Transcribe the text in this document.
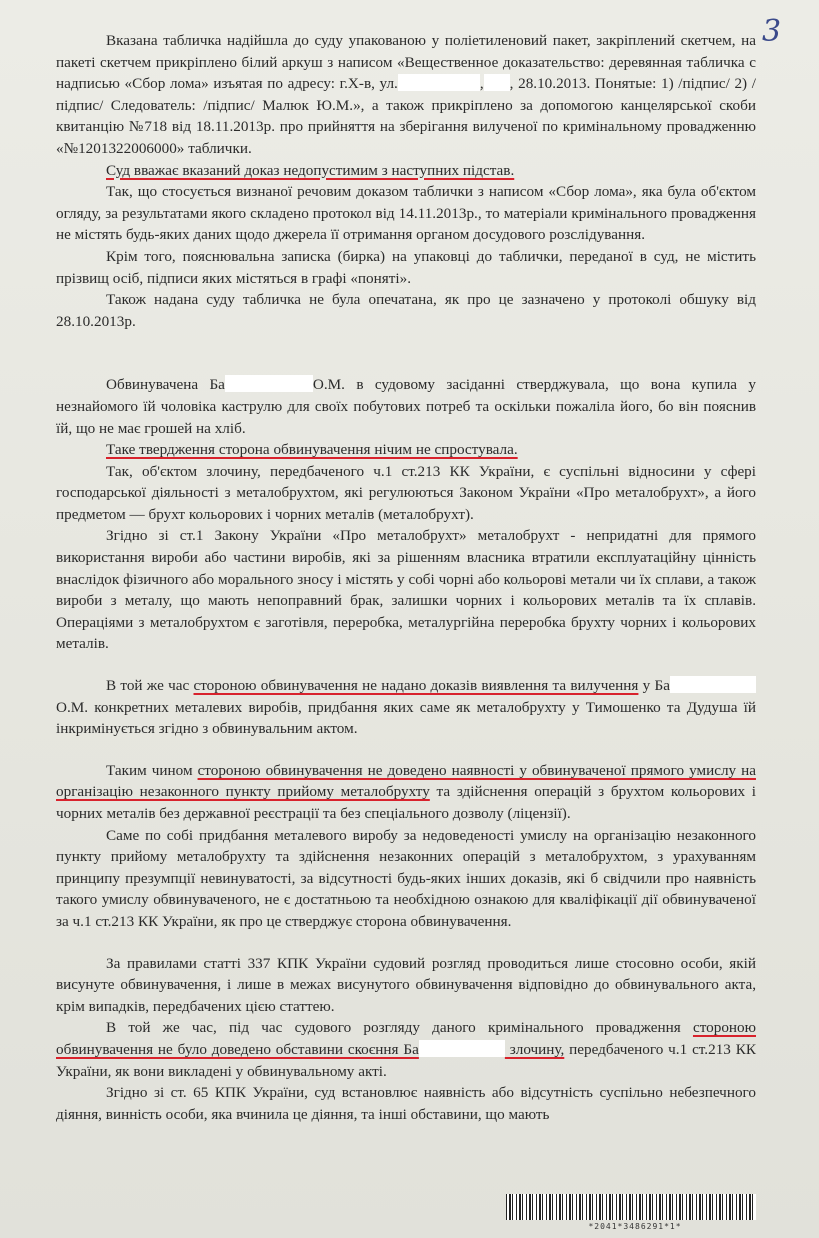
3

Вказана табличка надійшла до суду упакованою у поліетиленовий пакет, закріплений скетчем, на пакеті скетчем прикріплено білий аркуш з написом «Вещественное доказательство: деревянная табличка с надписью «Сбор лома» изъятая по адресу: г.Х-в, ул.	, , 28.10.2013. Понятые: 1) /підпис/ 2) /підпис/ Следователь: /підпис/ Малюк Ю.М.», а також прикріплено за допомогою канцелярської скоби квитанцію №718 від 18.11.2013р. про прийняття на зберігання вилученої по кримінальному провадженню «№1201322006000» таблички.

Суд вважає вказаний доказ недопустимим з наступних підстав.

Так, що стосується визнаної речовим доказом таблички з написом «Сбор лома», яка була об'єктом огляду, за результатами якого складено протокол від 14.11.2013р., то матеріали кримінального провадження не містять будь-яких даних щодо джерела її отримання органом досудового розслідування.

Крім того, пояснювальна записка (бирка) на упаковці до таблички, переданої в суд, не містить прізвищ осіб, підписи яких містяться в графі «поняті».

Також надана суду табличка не була опечатана, як про це зазначено у протоколі обшуку від 28.10.2013р.

Обвинувачена Ба	О.М. в судовому засіданні стверджувала, що вона купила у незнайомого їй чоловіка каструлю для своїх побутових потреб та оскільки пожаліла його, бо він пояснив їй, що не має грошей на хліб.

Таке твердження сторона обвинувачення нічим не спростувала.

Так, об'єктом злочину, передбаченого ч.1 ст.213 КК України, є суспільні відносини у сфері господарської діяльності з металобрухтом, які регулюються Законом України «Про металобрухт», а його предметом — брухт кольорових і чорних металів (металобрухт).

Згідно зі ст.1 Закону України «Про металобрухт» металобрухт - непридатні для прямого використання вироби або частини виробів, які за рішенням власника втратили експлуатаційну цінність внаслідок фізичного або морального зносу і містять у собі чорні або кольорові метали чи їх сплави, а також вироби з металу, що мають непоправний брак, залишки чорних і кольорових металів та їх сплавів. Операціями з металобрухтом є заготівля, переробка, металургійна переробка брухту чорних і кольорових металів.

В той же час стороною обвинувачення не надано доказів виявлення та вилучення у Ба О.М. конкретних металевих виробів, придбання яких саме як металобрухту у Тимошенко та Дудуша їй інкримінується згідно з обвинувальним актом.

Таким чином стороною обвинувачення не доведено наявності у обвинуваченої прямого умислу на організацію незаконного пункту прийому металобрухту та здійснення операцій з брухтом кольорових і чорних металів без державної реєстрації та без спеціального дозволу (ліцензії).

Саме по собі придбання металевого виробу за недоведеності умислу на організацію незаконного пункту прийому металобрухту та здійснення незаконних операцій з металобрухтом, з урахуванням принципу презумпції невинуватості, за відсутності будь-яких інших доказів, які б свідчили про наявність такого умислу обвинуваченого, не є достатньою та необхідною ознакою для кваліфікації дії обвинуваченої за ч.1 ст.213 КК України, як про це стверджує сторона обвинувачення.

За правилами статті 337 КПК України судовий розгляд проводиться лише стосовно особи, якій висунуте обвинувачення, і лише в межах висунутого обвинувачення відповідно до обвинувального акта, крім випадків, передбачених цією статтею.

В той же час, під час судового розгляду даного кримінального провадження стороною обвинувачення не було доведено обставини скоєння Ба	злочину, передбаченого ч.1 ст.213 КК України, як вони викладені у обвинувальному акті.

Згідно зі ст. 65 КПК України, суд встановлює наявність або відсутність суспільно небезпечного діяння, винність особи, яка вчинила це діяння, та інші обставини, що мають

*2041*3486291*1*
